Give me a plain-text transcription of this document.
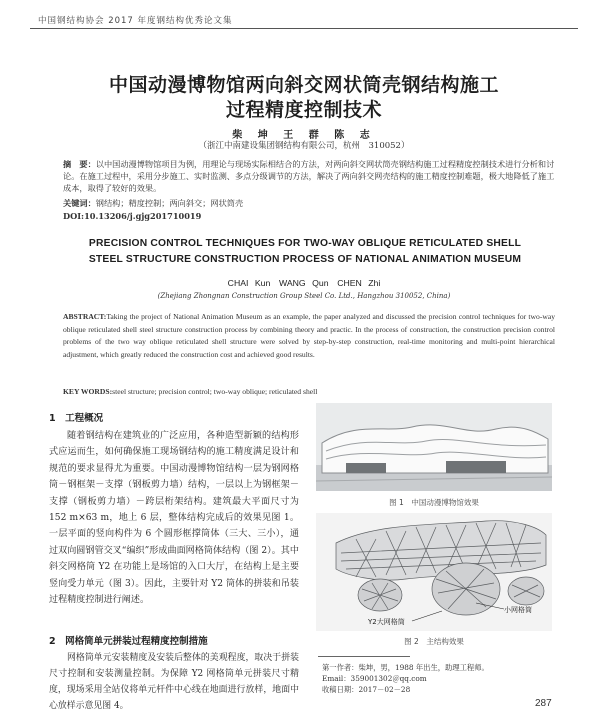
中国钢结构协会 2017 年度钢结构优秀论文集
中国动漫博物馆两向斜交网状筒壳钢结构施工
过程精度控制技术
柴 坤 王 群 陈 志
（浙江中南建设集团钢结构有限公司，杭州　310052）
摘　要：以中国动漫博物馆项目为例，用理论与现场实际相结合的方法，对两向斜交网状筒壳钢结构施工过程精度控制技术进行分析和讨论。在施工过程中，采用分步施工、实时监测、多点分级调节的方法，解决了两向斜交网壳结构的施工精度控制难题，极大地降低了施工成本，取得了较好的效果。
关键词：钢结构；精度控制；两向斜交；网状筒壳
DOI:10.13206/j.gjg201710019
PRECISION CONTROL TECHNIQUES FOR TWO-WAY OBLIQUE RETICULATED SHELL
STEEL STRUCTURE CONSTRUCTION PROCESS OF NATIONAL ANIMATION MUSEUM
CHAI Kun　WANG Qun　CHEN Zhi
(Zhejiang Zhongnan Construction Group Steel Co. Ltd., Hangzhou 310052, China)
ABSTRACT:Taking the project of National Animation Museum as an example, the paper analyzed and discussed the precision control techniques for two-way oblique reticulated shell steel structure construction process by combining theory and practic. In the process of construction, the construction precision control problems of the two way oblique reticulated shell structure were solved by step-by-step construction, real-time monitoring and multi-point hierarchical adjustment, which greatly reduced the construction cost and achieved good results.
KEY WORDS:steel structure; precision control; two-way oblique; reticulated shell
1　工程概况
随着钢结构在建筑业的广泛应用，各种造型新颖的结构形式应运而生，如何确保施工现场钢结构的施工精度满足设计和规范的要求显得尤为重要。中国动漫博物馆结构一层为钢网格筒－钢框架－支撑（钢板剪力墙）结构，一层以上为钢框架－支撑（钢板剪力墙）－跨层桁架结构。建筑最大平面尺寸为 152 m×63 m，地上 6 层，整体结构完成后的效果见图 1。一层平面的竖向构件为 6 个圆形框撑筒体（三大、三小），通过双向圆钢管交叉“编织”形成曲面网格筒体结构（图 2）。其中斜交网格筒 Y2 在功能上是场馆的入口大厅，在结构上是主要竖向受力单元（图 3）。因此，主要针对 Y2 筒体的拼装和吊装过程精度控制进行阐述。
2　网格筒单元拼装过程精度控制措施
网格筒单元安装精度及安装后整体的美观程度，取决于拼装尺寸控制和安装测量控制。为保障 Y2 网格筒单元拼装尺寸精度，现场采用全站仪将单元杆件中心线在地面进行放样，地面中心放样示意见图 4。
图 1　中国动漫博物馆效果
小网格筒
Y2大网格筒
图 2　主结构效果
第一作者：柴坤，男，1988 年出生，助理工程师。
Email：359001302＠qq.com
收稿日期：2017－02－28
287
